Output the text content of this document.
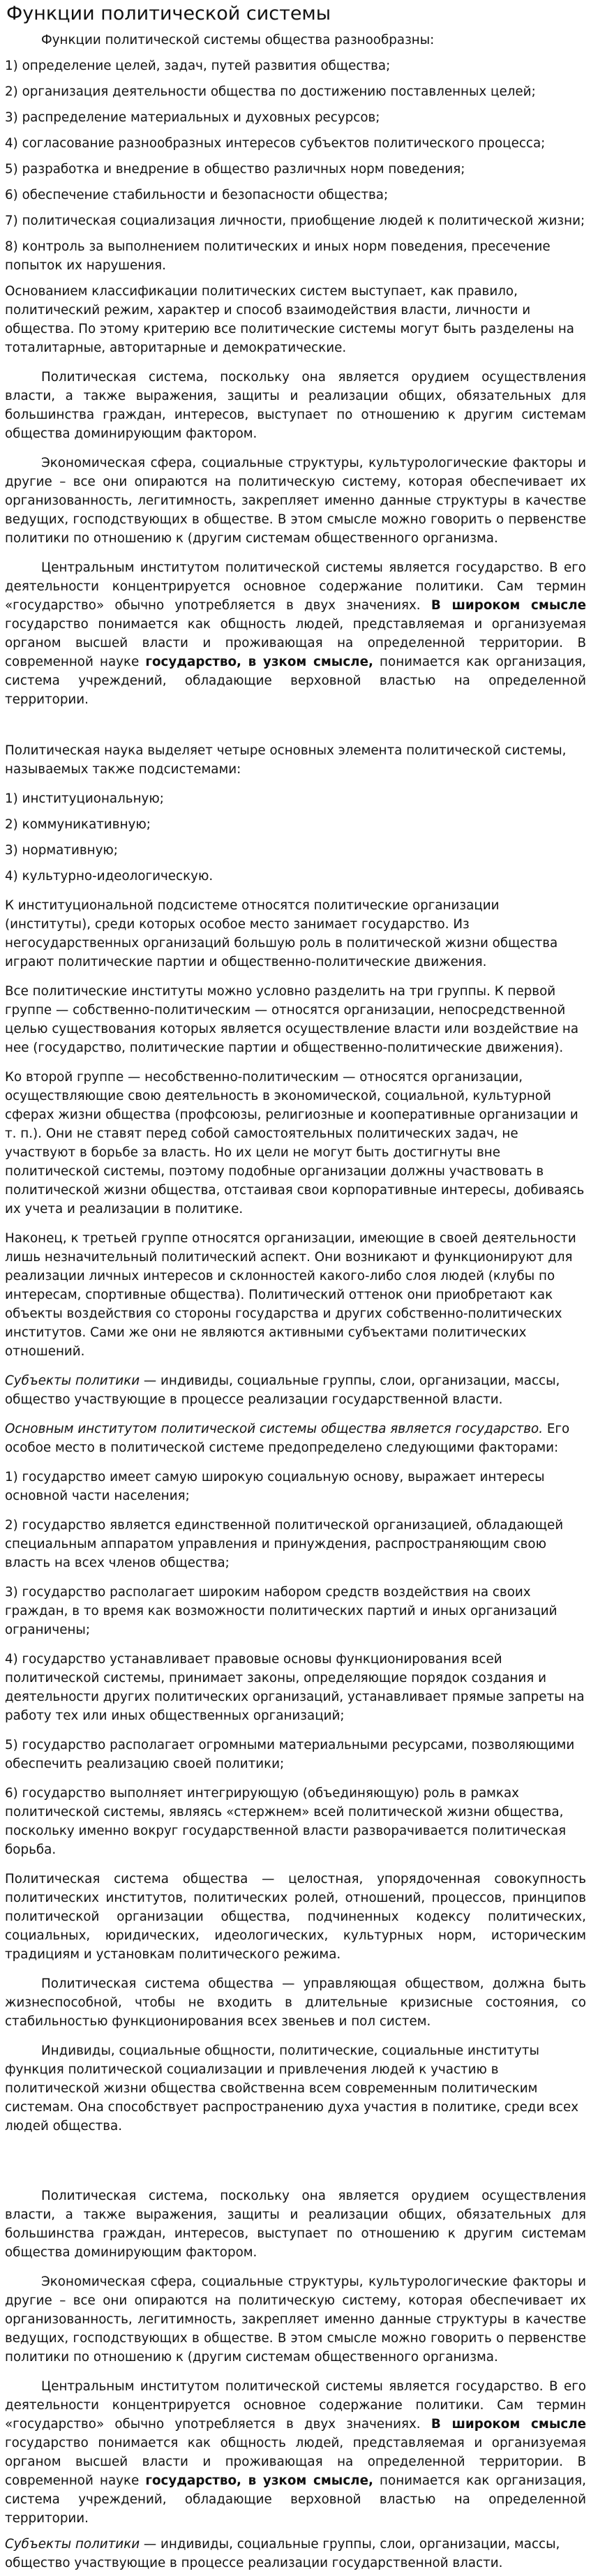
Функции политической системы

Функции политической системы общества разнообразны:

1) определение целей, задач, путей развития общества;

2) организация деятельности общества по достижению поставленных целей;

3) распределение материальных и духовных ресурсов;

4) согласование разнообразных интересов субъектов политического процесса;

5) разработка и внедрение в общество различных норм поведения;

6) обеспечение стабильности и безопасности общества;

7) политическая социализация личности, приобщение людей к политической жизни;

8) контроль за выполнением политических и иных норм поведения, пресечение попыток их нарушения.

Основанием классификации политических систем выступает, как правило, политический режим, характер и способ взаимодействия власти, личности и общества. По этому критерию все политические системы могут быть разделены на тоталитарные, авторитарные и демократические.

Политическая система, поскольку она является орудием осуществления власти, а также выражения, защиты и реализации общих, обязательных для большинства граждан, интересов, выступает по отношению к другим системам общества доминирующим фактором.

Экономическая сфера, социальные структуры, культурологические факторы и другие – все они опираются на политическую систему, которая обеспечивает их организованность, легитимность, закрепляет именно данные структуры в качестве ведущих, господствующих в обществе. В этом смысле можно говорить о первенстве политики по отношению к (другим системам общественного организма.

Центральным институтом политической системы является государство. В его деятельности концентрируется основное содержание политики. Сам термин «государство» обычно употребляется в двух значениях. В широком смысле государство понимается как общность людей, представляемая и организуемая органом высшей власти и проживающая на определенной территории. В современной науке государство, в узком смысле, понимается как организация, система учреждений, обладающие верховной властью на определенной территории.

Политическая наука выделяет четыре основных элемента политической системы, называемых также подсистемами:

1) институциональную;

2) коммуникативную;

3) нормативную;

4) культурно-идеологическую.

К институциональной подсистеме относятся политические организации (институты), среди которых особое место занимает государство. Из негосударственных организаций большую роль в политической жизни общества играют политические партии и общественно-политические движения.

Все политические институты можно условно разделить на три группы. К первой группе — собственно-политическим — относятся организации, непосредственной целью существования которых является осуществление власти или воздействие на нее (государство, политические партии и общественно-политические движения).

Ко второй группе — несобственно-политическим — относятся организации, осуществляющие свою деятельность в экономической, социальной, культурной сферах жизни общества (профсоюзы, религиозные и кооперативные организации и т. п.). Они не ставят перед собой самостоятельных политических задач, не участвуют в борьбе за власть. Но их цели не могут быть достигнуты вне политической системы, поэтому подобные организации должны участвовать в политической жизни общества, отстаивая свои корпоративные интересы, добиваясь их учета и реализации в политике.

Наконец, к третьей группе относятся организации, имеющие в своей деятельности лишь незначительный политический аспект. Они возникают и функционируют для реализации личных интересов и склонностей какого-либо слоя людей (клубы по интересам, спортивные общества). Политический оттенок они приобретают как объекты воздействия со стороны государства и других собственно-политических институтов. Сами же они не являются активными субъектами политических отношений.

Субъекты политики — индивиды, социальные группы, слои, организации, массы, общество участвующие в процессе реализации государственной власти.

Основным институтом политической системы общества является государство. Его особое место в политической системе предопределено следующими факторами:

1) государство имеет самую широкую социальную основу, выражает интересы основной части населения;

2) государство является единственной политической организацией, обладающей специальным аппаратом управления и принуждения, распространяющим свою власть на всех членов общества;

3) государство располагает широким набором средств воздействия на своих граждан, в то время как возможности политических партий и иных организаций ограничены;

4) государство устанавливает правовые основы функционирования всей политической системы, принимает законы, определяющие порядок создания и деятельности других политических организаций, устанавливает прямые запреты на работу тех или иных общественных организаций;

5) государство располагает огромными материальными ресурсами, позволяющими обеспечить реализацию своей политики;

6) государство выполняет интегрирующую (объединяющую) роль в рамках политической системы, являясь «стержнем» всей политической жизни общества, поскольку именно вокруг государственной власти разворачивается политическая борьба.

Политическая система общества — целостная, упорядоченная совокупность политических институтов, политических ролей, отношений, процессов, принципов политической организации общества, подчиненных кодексу политических, социальных, юридических, идеологических, культурных норм, историческим традициям и установкам политического режима.

Политическая система общества — управляющая обществом, должна быть жизнеспособной, чтобы не входить в длительные кризисные состояния, со стабильностью функционирования всех звеньев и пол систем.

Индивиды, социальные общности, политические, социальные институты функция политической социализации и привлечения людей к участию в политической жизни общества свойственна всем современным политическим системам. Она способствует распространению духа участия в политике, среди всех людей общества.

Политическая система, поскольку она является орудием осуществления власти, а также выражения, защиты и реализации общих, обязательных для большинства граждан, интересов, выступает по отношению к другим системам общества доминирующим фактором.

Экономическая сфера, социальные структуры, культурологические факторы и другие – все они опираются на политическую систему, которая обеспечивает их организованность, легитимность, закрепляет именно данные структуры в качестве ведущих, господствующих в обществе. В этом смысле можно говорить о первенстве политики по отношению к (другим системам общественного организма.

Центральным институтом политической системы является государство. В его деятельности концентрируется основное содержание политики. Сам термин «государство» обычно употребляется в двух значениях. В широком смысле государство понимается как общность людей, представляемая и организуемая органом высшей власти и проживающая на определенной территории. В современной науке государство, в узком смысле, понимается как организация, система учреждений, обладающие верховной властью на определенной территории.

Субъекты политики — индивиды, социальные группы, слои, организации, массы, общество участвующие в процессе реализации государственной власти.
